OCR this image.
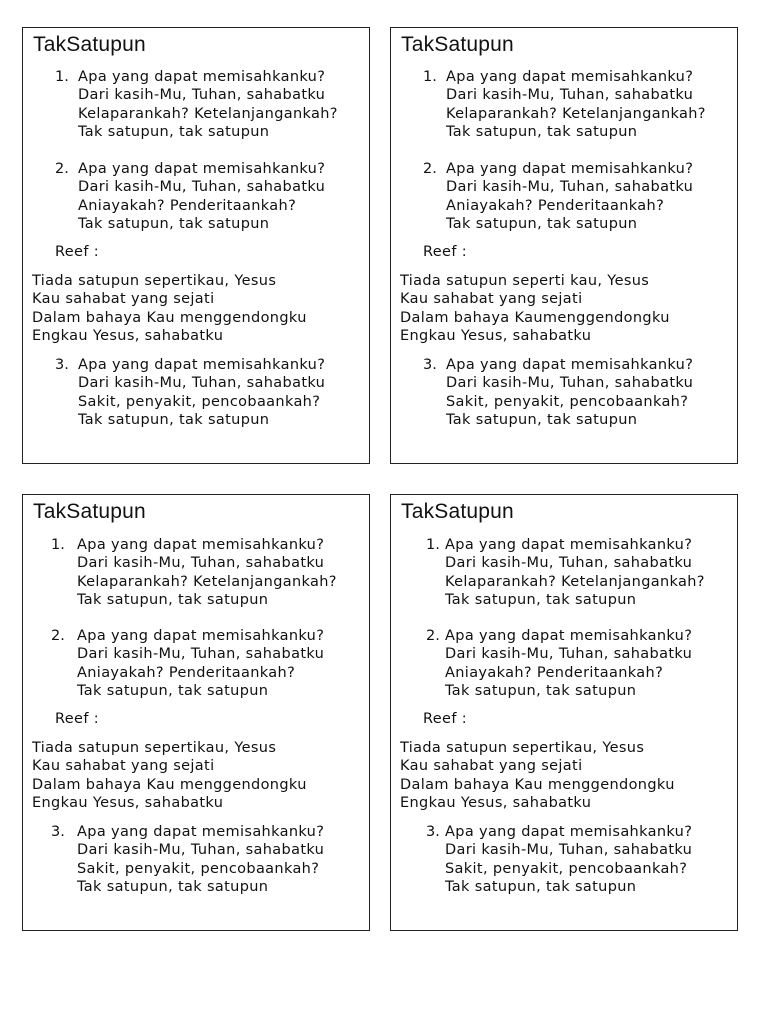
TakSatupun
1. Apa yang dapat memisahkanku?
Dari kasih-Mu, Tuhan, sahabatku
Kelaparankah? Ketelanjangankah?
Tak satupun, tak satupun
2. Apa yang dapat memisahkanku?
Dari kasih-Mu, Tuhan, sahabatku
Aniayakah? Penderitaankah?
Tak satupun, tak satupun
Reef :
Tiada satupun sepertikau, Yesus
Kau sahabat yang sejati
Dalam bahaya Kau menggendongku
Engkau Yesus, sahabatku
3. Apa yang dapat memisahkanku?
Dari kasih-Mu, Tuhan, sahabatku
Sakit, penyakit, pencobaankah?
Tak satupun, tak satupun
TakSatupun
1. Apa yang dapat memisahkanku?
Dari kasih-Mu, Tuhan, sahabatku
Kelaparankah? Ketelanjangankah?
Tak satupun, tak satupun
2. Apa yang dapat memisahkanku?
Dari kasih-Mu, Tuhan, sahabatku
Aniayakah? Penderitaankah?
Tak satupun, tak satupun
Reef :
Tiada satupun seperti kau, Yesus
Kau sahabat yang sejati
Dalam bahaya Kaumenggendongku
Engkau Yesus, sahabatku
3. Apa yang dapat memisahkanku?
Dari kasih-Mu, Tuhan, sahabatku
Sakit, penyakit, pencobaankah?
Tak satupun, tak satupun
TakSatupun
1. Apa yang dapat memisahkanku?
Dari kasih-Mu, Tuhan, sahabatku
Kelaparankah? Ketelanjangankah?
Tak satupun, tak satupun
2. Apa yang dapat memisahkanku?
Dari kasih-Mu, Tuhan, sahabatku
Aniayakah? Penderitaankah?
Tak satupun, tak satupun
Reef :
Tiada satupun sepertikau, Yesus
Kau sahabat yang sejati
Dalam bahaya Kau menggendongku
Engkau Yesus, sahabatku
3. Apa yang dapat memisahkanku?
Dari kasih-Mu, Tuhan, sahabatku
Sakit, penyakit, pencobaankah?
Tak satupun, tak satupun
TakSatupun
1. Apa yang dapat memisahkanku?
Dari kasih-Mu, Tuhan, sahabatku
Kelaparankah? Ketelanjangankah?
Tak satupun, tak satupun
2. Apa yang dapat memisahkanku?
Dari kasih-Mu, Tuhan, sahabatku
Aniayakah? Penderitaankah?
Tak satupun, tak satupun
Reef :
Tiada satupun sepertikau, Yesus
Kau sahabat yang sejati
Dalam bahaya Kau menggendongku
Engkau Yesus, sahabatku
3. Apa yang dapat memisahkanku?
Dari kasih-Mu, Tuhan, sahabatku
Sakit, penyakit, pencobaankah?
Tak satupun, tak satupun
